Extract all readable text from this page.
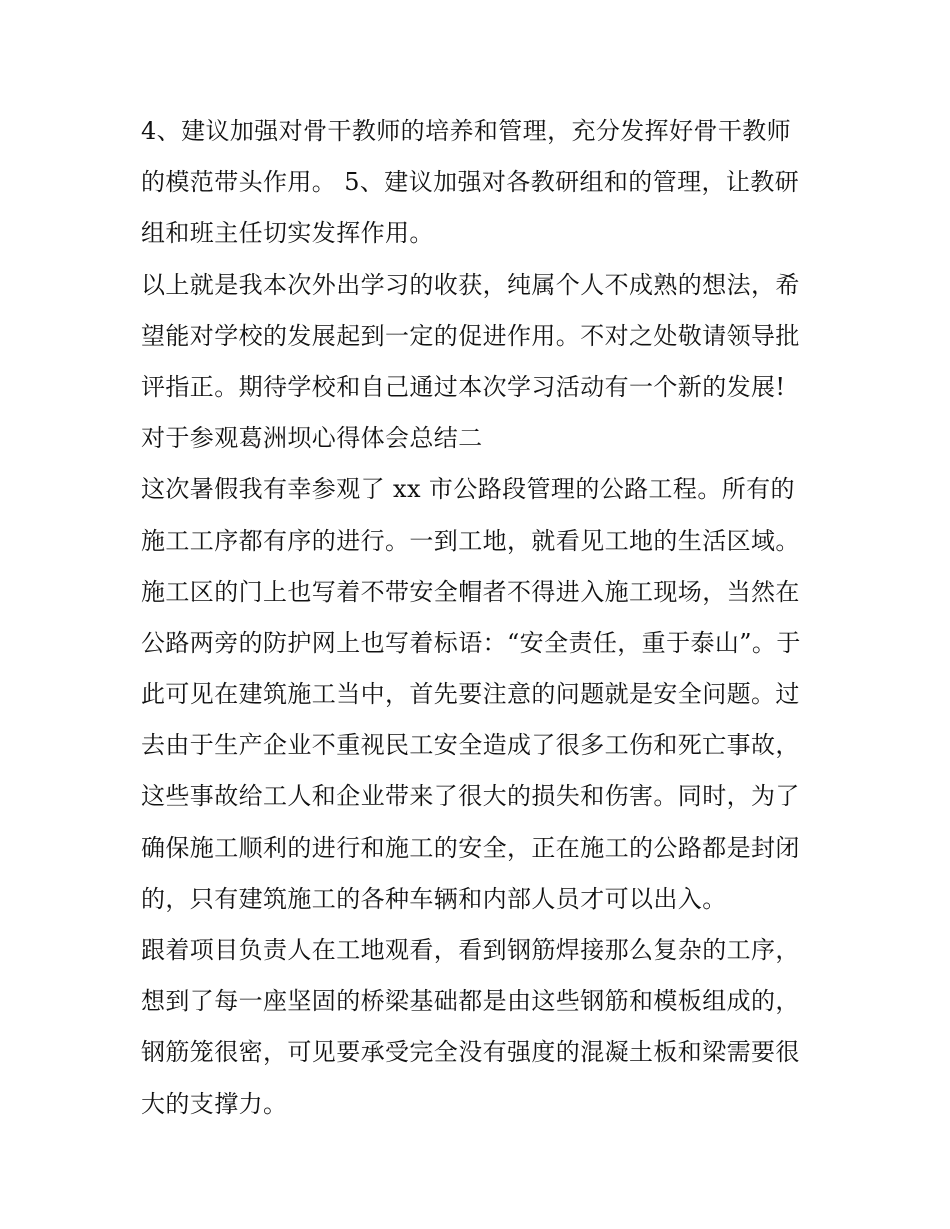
4、建议加强对骨干教师的培养和管理，充分发挥好骨干教师
的模范带头作用。 5、建议加强对各教研组和的管理，让教研
组和班主任切实发挥作用。
以上就是我本次外出学习的收获，纯属个人不成熟的想法，希
望能对学校的发展起到一定的促进作用。不对之处敬请领导批
评指正。期待学校和自己通过本次学习活动有一个新的发展!
对于参观葛洲坝心得体会总结二
这次暑假我有幸参观了 xx 市公路段管理的公路工程。所有的
施工工序都有序的进行。一到工地，就看见工地的生活区域。
施工区的门上也写着不带安全帽者不得进入施工现场，当然在
公路两旁的防护网上也写着标语：“安全责任，重于泰山”。于
此可见在建筑施工当中，首先要注意的问题就是安全问题。过
去由于生产企业不重视民工安全造成了很多工伤和死亡事故，
这些事故给工人和企业带来了很大的损失和伤害。同时，为了
确保施工顺利的进行和施工的安全，正在施工的公路都是封闭
的，只有建筑施工的各种车辆和内部人员才可以出入。
跟着项目负责人在工地观看，看到钢筋焊接那么复杂的工序，
想到了每一座坚固的桥梁基础都是由这些钢筋和模板组成的，
钢筋笼很密，可见要承受完全没有强度的混凝土板和梁需要很
大的支撑力。
